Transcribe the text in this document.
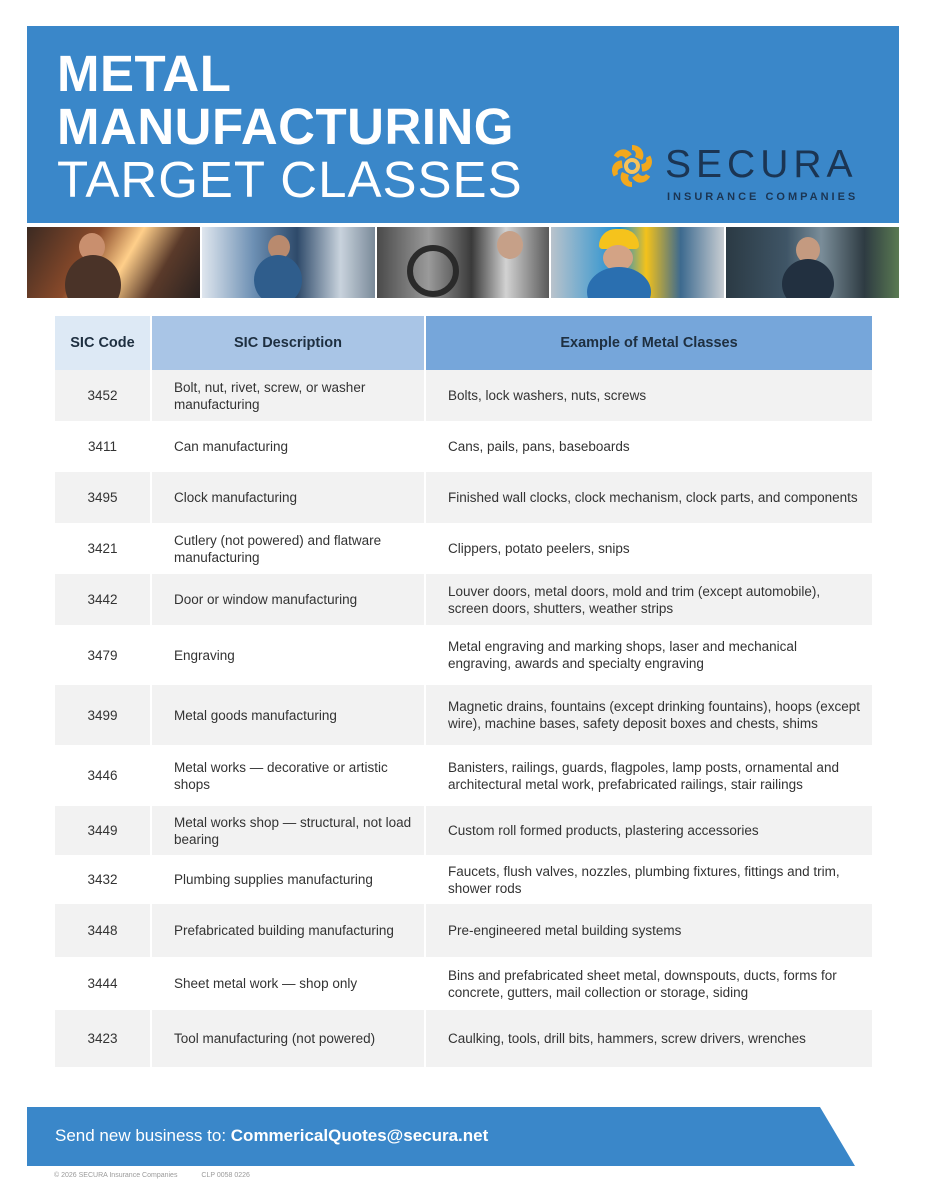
METAL
MANUFACTURING
TARGET CLASSES	SECURA
INSURANCE COMPANIES
SIC Code	SIC Description	Example of Metal Classes
3452	Bolt, nut, rivet, screw, or washer manufacturing	Bolts, lock washers, nuts, screws
3411	Can manufacturing	Cans, pails, pans, baseboards
3495	Clock manufacturing	Finished wall clocks, clock mechanism, clock parts, and components
3421	Cutlery (not powered) and flatware manufacturing	Clippers, potato peelers, snips
3442	Door or window manufacturing	Louver doors, metal doors, mold and trim (except automobile), screen doors, shutters, weather strips
3479	Engraving	Metal engraving and marking shops, laser and mechanical engraving, awards and specialty engraving
3499	Metal goods manufacturing	Magnetic drains, fountains (except drinking fountains), hoops (except wire), machine bases, safety deposit boxes and chests, shims
3446	Metal works — decorative or artistic shops	Banisters, railings, guards, flagpoles, lamp posts, ornamental and architectural metal work, prefabricated railings, stair railings
3449	Metal works shop — structural, not load bearing	Custom roll formed products, plastering accessories
3432	Plumbing supplies manufacturing	Faucets, flush valves, nozzles, plumbing fixtures, fittings and trim, shower rods
3448	Prefabricated building manufacturing	Pre-engineered metal building systems
3444	Sheet metal work — shop only	Bins and prefabricated sheet metal, downspouts, ducts, forms for concrete, gutters, mail collection or storage, siding
3423	Tool manufacturing (not powered)	Caulking, tools, drill bits, hammers, screw drivers, wrenches
Send new business to: CommericalQuotes@secura.net
© 2026 SECURA Insurance Companies	CLP 0058 0226
